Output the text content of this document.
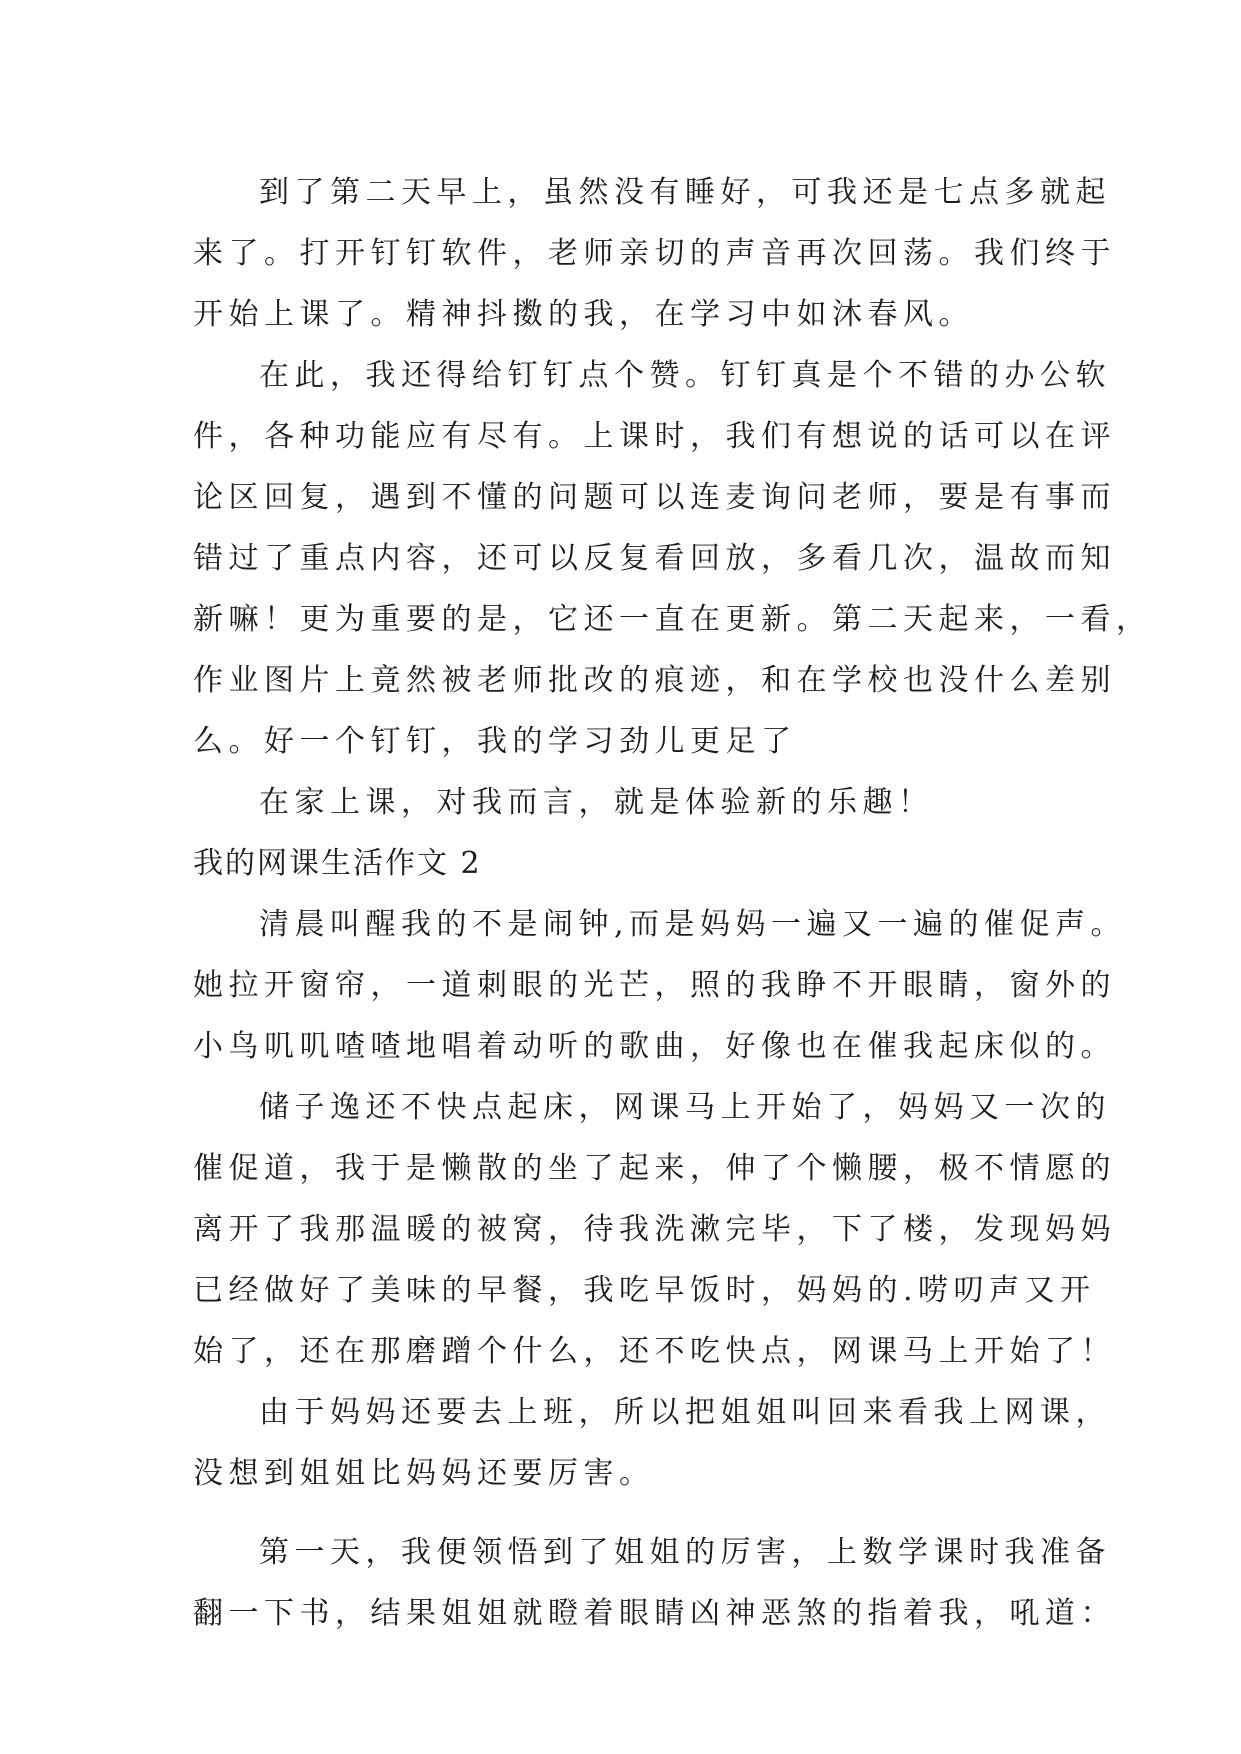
到了第二天早上，虽然没有睡好，可我还是七点多就起
来了。打开钉钉软件，老师亲切的声音再次回荡。我们终于
开始上课了。精神抖擞的我，在学习中如沐春风。
在此，我还得给钉钉点个赞。钉钉真是个不错的办公软
件，各种功能应有尽有。上课时，我们有想说的话可以在评
论区回复，遇到不懂的问题可以连麦询问老师，要是有事而
错过了重点内容，还可以反复看回放，多看几次，温故而知
新嘛！更为重要的是，它还一直在更新。第二天起来，一看，
作业图片上竟然被老师批改的痕迹，和在学校也没什么差别
么。好一个钉钉，我的学习劲儿更足了
在家上课，对我而言，就是体验新的乐趣！
我的网课生活作文 2
清晨叫醒我的不是闹钟,而是妈妈一遍又一遍的催促声。
她拉开窗帘，一道刺眼的光芒，照的我睁不开眼睛，窗外的
小鸟叽叽喳喳地唱着动听的歌曲，好像也在催我起床似的。
储子逸还不快点起床，网课马上开始了，妈妈又一次的
催促道，我于是懒散的坐了起来，伸了个懒腰，极不情愿的
离开了我那温暖的被窝，待我洗漱完毕，下了楼，发现妈妈
已经做好了美味的早餐，我吃早饭时，妈妈的.唠叨声又开
始了，还在那磨蹭个什么，还不吃快点，网课马上开始了！
由于妈妈还要去上班，所以把姐姐叫回来看我上网课，
没想到姐姐比妈妈还要厉害。
第一天，我便领悟到了姐姐的厉害，上数学课时我准备
翻一下书，结果姐姐就瞪着眼睛凶神恶煞的指着我，吼道：
